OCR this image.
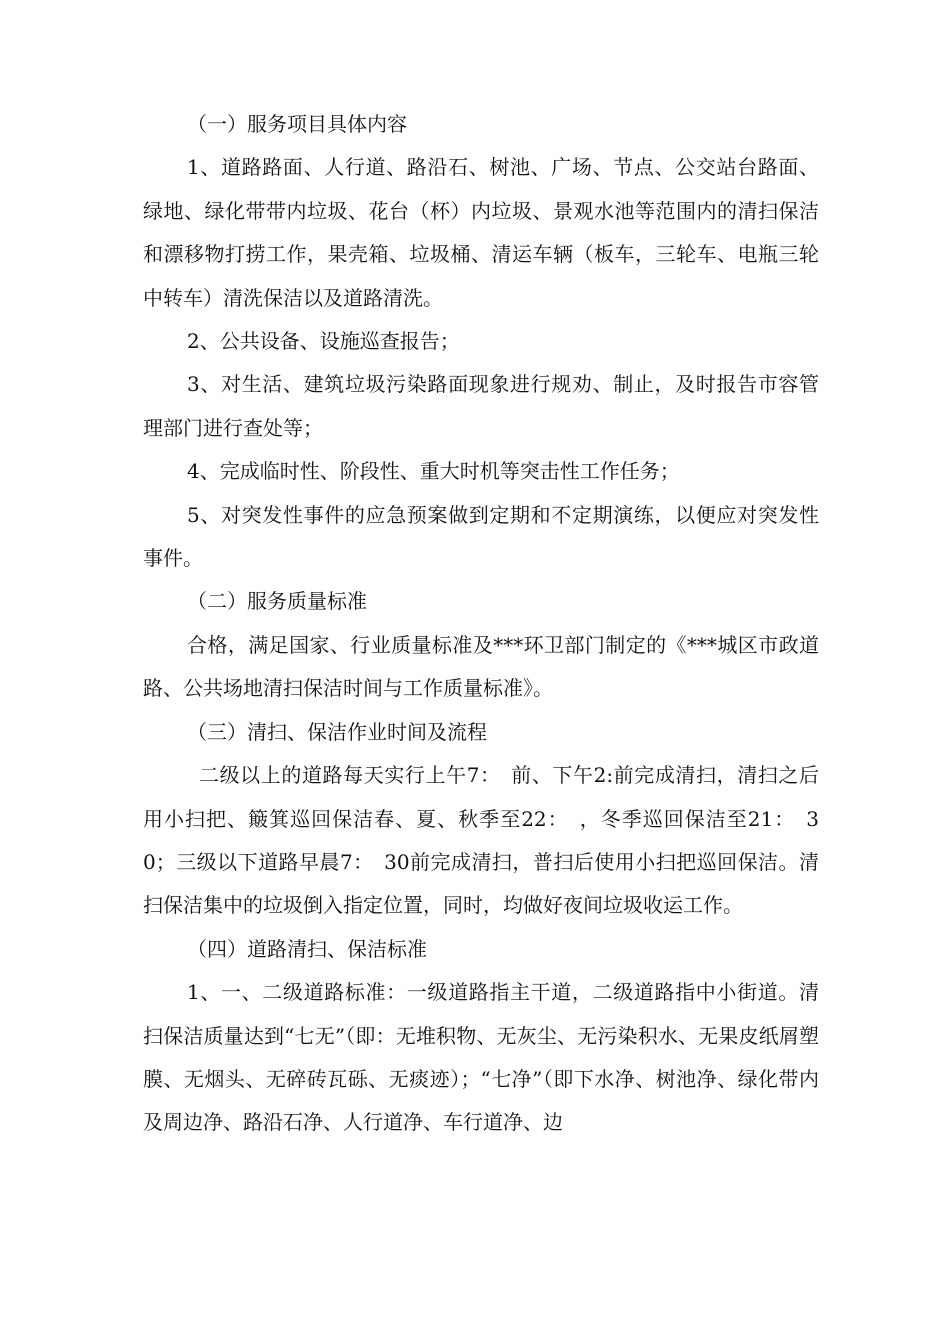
（一）服务项目具体内容

1、道路路面、人行道、路沿石、树池、广场、节点、公交站台路面、绿地、绿化带带内垃圾、花台（杯）内垃圾、景观水池等范围内的清扫保洁和漂移物打捞工作，果壳箱、垃圾桶、清运车辆（板车，三轮车、电瓶三轮中转车）清洗保洁以及道路清洗。

2、公共设备、设施巡查报告；

3、对生活、建筑垃圾污染路面现象进行规劝、制止，及时报告市容管理部门进行查处等；

4、完成临时性、阶段性、重大时机等突击性工作任务；

5、对突发性事件的应急预案做到定期和不定期演练，以便应对突发性事件。

（二）服务质量标准

合格，满足国家、行业质量标准及***环卫部门制定的《***城区市政道路、公共场地清扫保洁时间与工作质量标准》。

（三）清扫、保洁作业时间及流程

二级以上的道路每天实行上午7：　前、下午2:前完成清扫，清扫之后用小扫把、簸箕巡回保洁春、夏、秋季至22：　，冬季巡回保洁至21：　30；三级以下道路早晨7：　30前完成清扫，普扫后使用小扫把巡回保洁。清扫保洁集中的垃圾倒入指定位置，同时，均做好夜间垃圾收运工作。

（四）道路清扫、保洁标准

1、一、二级道路标准：一级道路指主干道，二级道路指中小街道。清扫保洁质量达到“七无”（即：无堆积物、无灰尘、无污染积水、无果皮纸屑塑膜、无烟头、无碎砖瓦砾、无痰迹）；“七净”（即下水净、树池净、绿化带内及周边净、路沿石净、人行道净、车行道净、边
